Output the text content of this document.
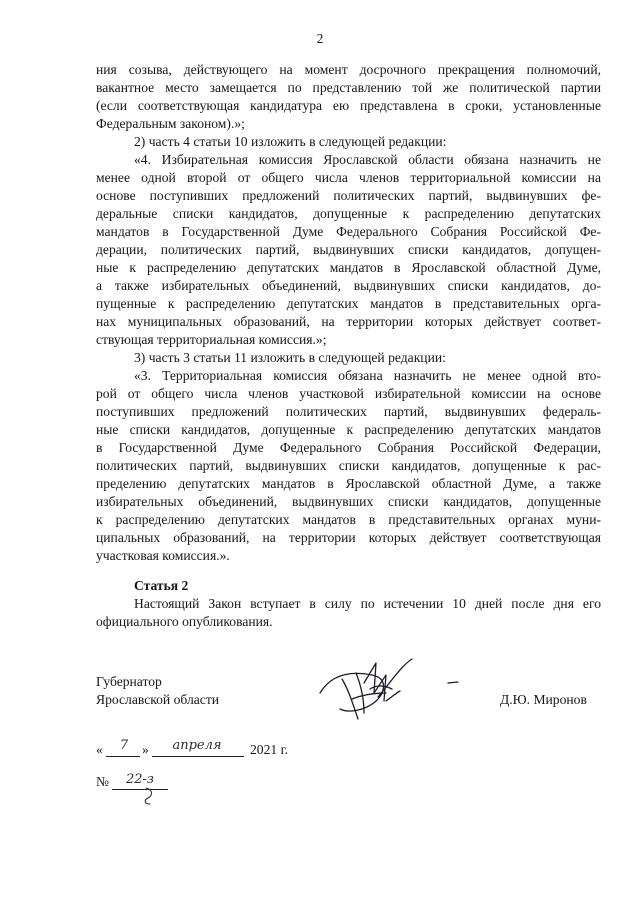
2
ния созыва, действующего на момент досрочного прекращения полномочий,
вакантное место замещается по представлению той же политической партии
(если соответствующая кандидатура ею представлена в сроки, установленные
Федеральным законом).»;
2) часть 4 статьи 10 изложить в следующей редакции:
«4. Избирательная комиссия Ярославской области обязана назначить не
менее одной второй от общего числа членов территориальной комиссии на
основе поступивших предложений политических партий, выдвинувших фе-
деральные списки кандидатов, допущенные к распределению депутатских
мандатов в Государственной Думе Федерального Собрания Российской Фе-
дерации, политических партий, выдвинувших списки кандидатов, допущен-
ные к распределению депутатских мандатов в Ярославской областной Думе,
а также избирательных объединений, выдвинувших списки кандидатов, до-
пущенные к распределению депутатских мандатов в представительных орга-
нах муниципальных образований, на территории которых действует соответ-
ствующая территориальная комиссия.»;
3) часть 3 статьи 11 изложить в следующей редакции:
«3. Территориальная комиссия обязана назначить не менее одной вто-
рой от общего числа членов участковой избирательной комиссии на основе
поступивших предложений политических партий, выдвинувших федераль-
ные списки кандидатов, допущенные к распределению депутатских мандатов
в Государственной Думе Федерального Собрания Российской Федерации,
политических партий, выдвинувших списки кандидатов, допущенные к рас-
пределению депутатских мандатов в Ярославской областной Думе, а также
избирательных объединений, выдвинувших списки кандидатов, допущенные
к распределению депутатских мандатов в представительных органах муни-
ципальных образований, на территории которых действует соответствующая
участковая комиссия.».
Статья 2
Настоящий Закон вступает в силу по истечении 10 дней после дня его
официального опубликования.
Губернатор
Ярославской области	Д.Ю. Миронов
«	7	»	апреля	2021 г.
№	22-з
